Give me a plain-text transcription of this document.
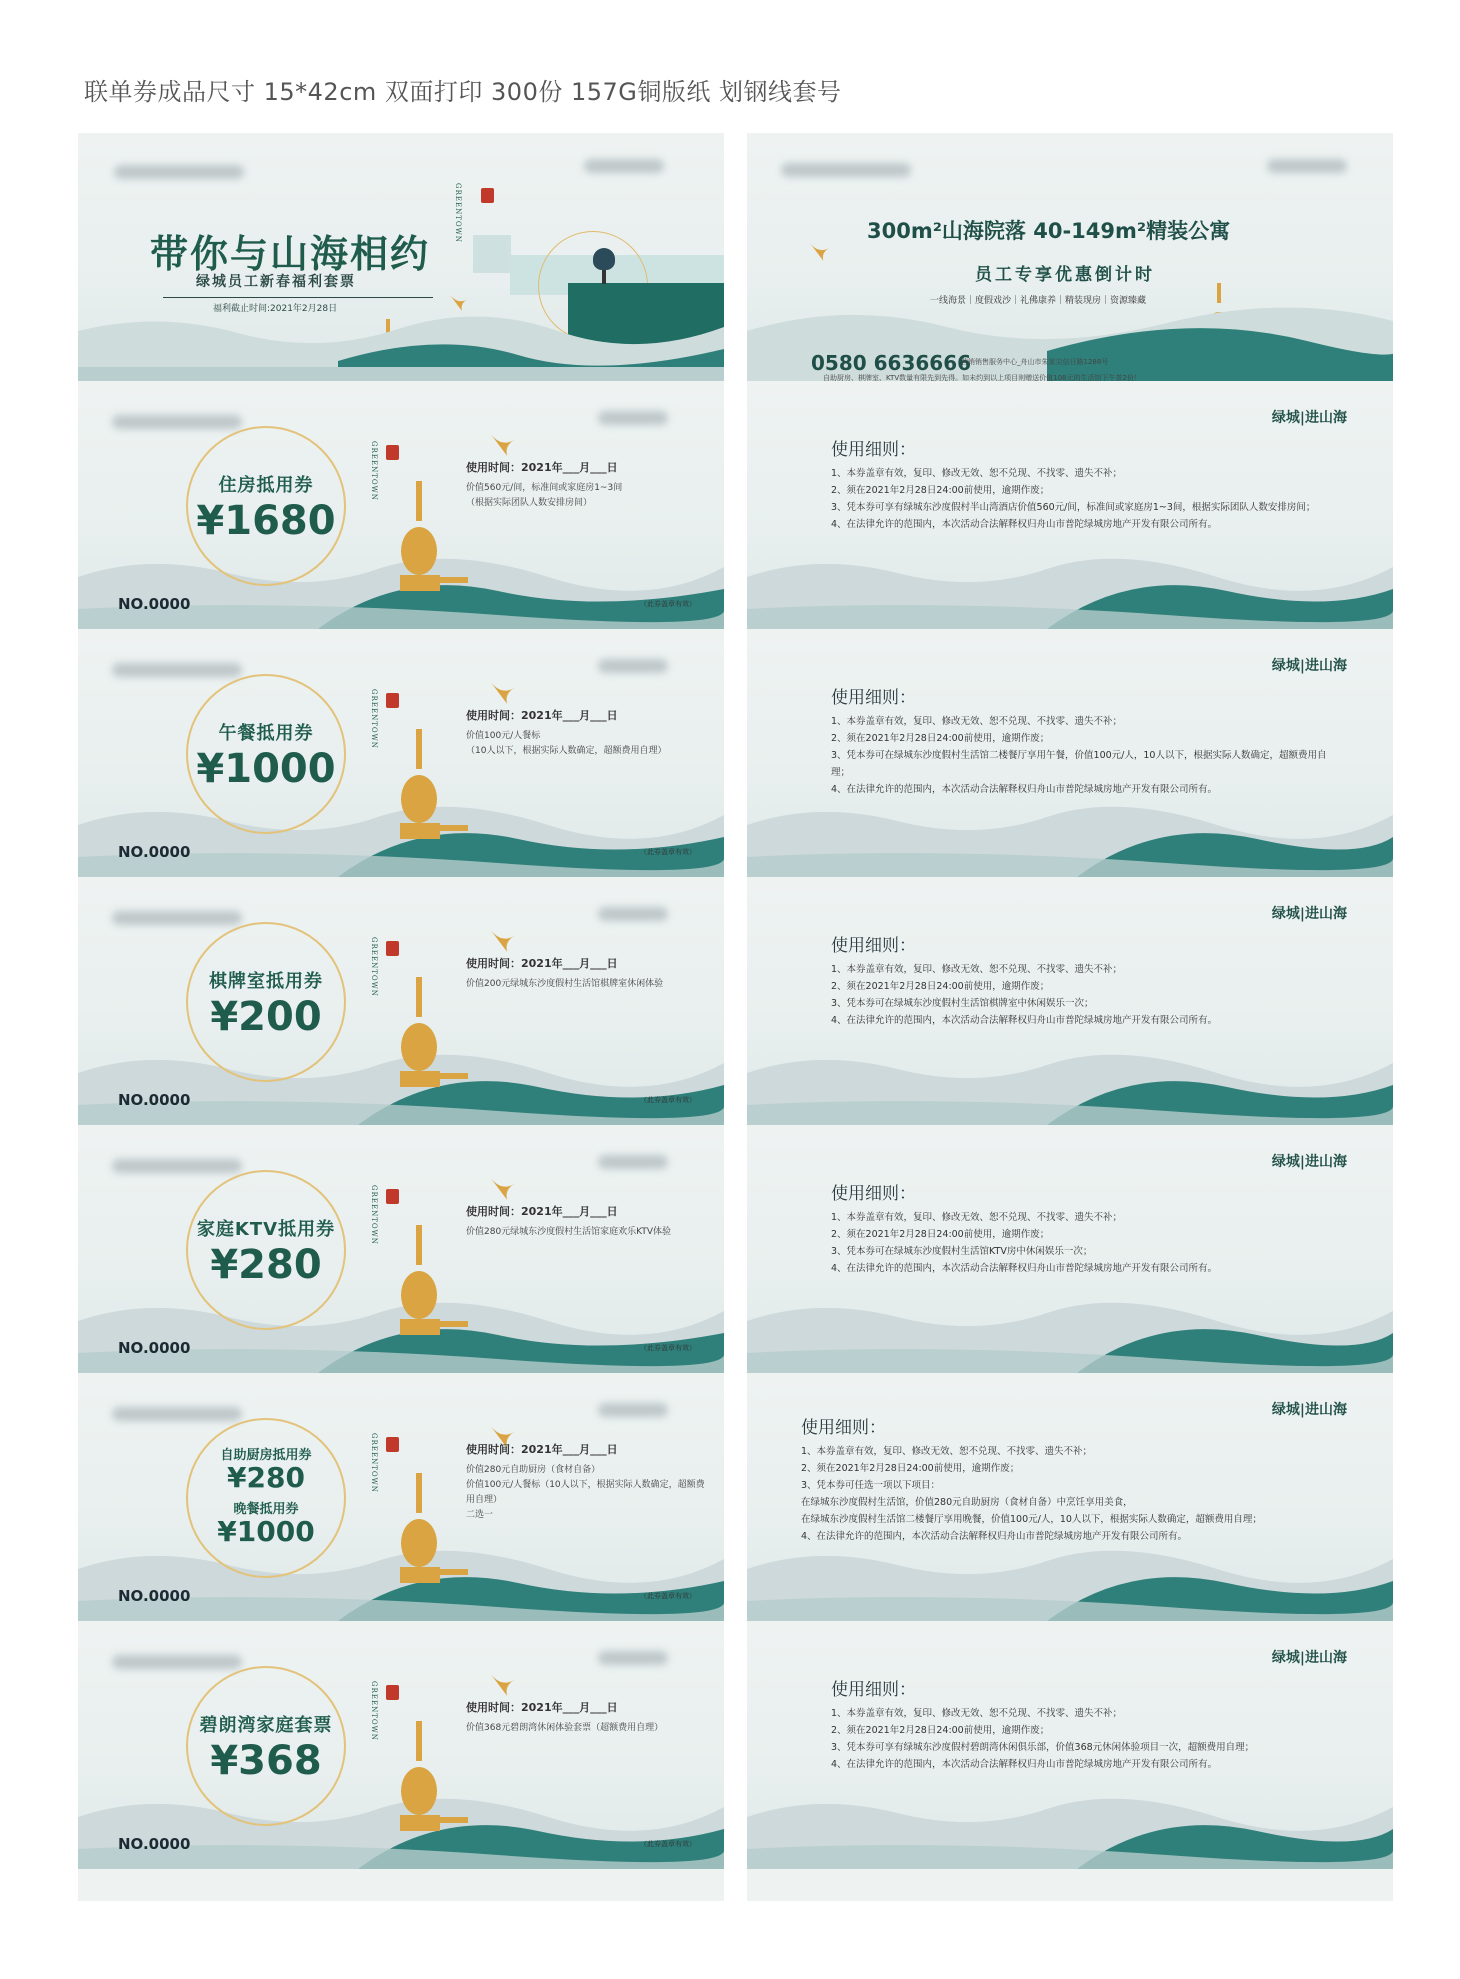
联单券成品尺寸 15*42cm 双面打印 300份 157G铜版纸 划钢线套号
带你与山海相约
绿城员工新春福利套票
福利截止时间:2021年2月28日
GREENTOWN
住房抵用券
¥1680
GREENTOWN	使用时间：2021年___月___日
价值560元/间，标准间或家庭房1~3间
（根据实际团队人数安排房间）
（此券盖章有效）
NO.0000
午餐抵用券
¥1000
GREENTOWN	使用时间：2021年___月___日
价值100元/人餐标
（10人以下，根据实际人数确定，超额费用自理）
（此券盖章有效）
NO.0000
棋牌室抵用券
¥200
GREENTOWN	使用时间：2021年___月___日
价值200元绿城东沙度假村生活馆棋牌室休闲体验
（此券盖章有效）
NO.0000
家庭KTV抵用券
¥280
GREENTOWN	使用时间：2021年___月___日
价值280元绿城东沙度假村生活馆家庭欢乐KTV体验
（此券盖章有效）
NO.0000
自助厨房抵用券
¥280
晚餐抵用券
¥1000
GREENTOWN	使用时间：2021年___月___日
价值280元自助厨房（食材自备）
价值100元/人餐标（10人以下，根据实际人数确定，超额费用自理）
二选一
（此券盖章有效）
NO.0000
碧朗湾家庭套票
¥368
GREENTOWN	使用时间：2021年___月___日
价值368元碧朗湾休闲体验套票（超额费用自理）
（此券盖章有效）
NO.0000
300m²山海院落 40-149m²精装公寓
员工专享优惠倒计时
一线海景｜度假戏沙｜礼佛康养｜精装现房｜资源臻藏
0580 6636666
营销销售服务中心_舟山市朱家尖信日路1288号
自助厨房、棋牌室、KTV数量有限先到先得。如未约到以上项目则赠送价值108元的生活馆下午茶2份！
绿城|进山海
使用细则：
1、本券盖章有效，复印、修改无效、恕不兑现、不找零、遗失不补；
2、须在2021年2月28日24:00前使用，逾期作废；
3、凭本券可享有绿城东沙度假村半山湾酒店价值560元/间，标准间或家庭房1~3间，根据实际团队人数安排房间；
4、在法律允许的范围内，本次活动合法解释权归舟山市普陀绿城房地产开发有限公司所有。
绿城|进山海
使用细则：
1、本券盖章有效，复印、修改无效、恕不兑现、不找零、遗失不补；
2、须在2021年2月28日24:00前使用，逾期作废；
3、凭本券可在绿城东沙度假村生活馆二楼餐厅享用午餐，价值100元/人，10人以下，根据实际人数确定，超额费用自理；
4、在法律允许的范围内，本次活动合法解释权归舟山市普陀绿城房地产开发有限公司所有。
绿城|进山海
使用细则：
1、本券盖章有效，复印、修改无效、恕不兑现、不找零、遗失不补；
2、须在2021年2月28日24:00前使用，逾期作废；
3、凭本券可在绿城东沙度假村生活馆棋牌室中休闲娱乐一次；
4、在法律允许的范围内，本次活动合法解释权归舟山市普陀绿城房地产开发有限公司所有。
绿城|进山海
使用细则：
1、本券盖章有效，复印、修改无效、恕不兑现、不找零、遗失不补；
2、须在2021年2月28日24:00前使用，逾期作废；
3、凭本券可在绿城东沙度假村生活馆KTV房中休闲娱乐一次；
4、在法律允许的范围内，本次活动合法解释权归舟山市普陀绿城房地产开发有限公司所有。
绿城|进山海
使用细则：
1、本券盖章有效，复印、修改无效、恕不兑现、不找零、遗失不补；
2、须在2021年2月28日24:00前使用，逾期作废；
3、凭本券可任选一项以下项目：
在绿城东沙度假村生活馆，价值280元自助厨房（食材自备）中烹饪享用美食，
在绿城东沙度假村生活馆二楼餐厅享用晚餐，价值100元/人，10人以下，根据实际人数确定，超额费用自理；
4、在法律允许的范围内，本次活动合法解释权归舟山市普陀绿城房地产开发有限公司所有。
绿城|进山海
使用细则：
1、本券盖章有效，复印、修改无效、恕不兑现、不找零、遗失不补；
2、须在2021年2月28日24:00前使用，逾期作废；
3、凭本券可享有绿城东沙度假村碧朗湾休闲俱乐部，价值368元休闲体验项目一次，超额费用自理；
4、在法律允许的范围内，本次活动合法解释权归舟山市普陀绿城房地产开发有限公司所有。
